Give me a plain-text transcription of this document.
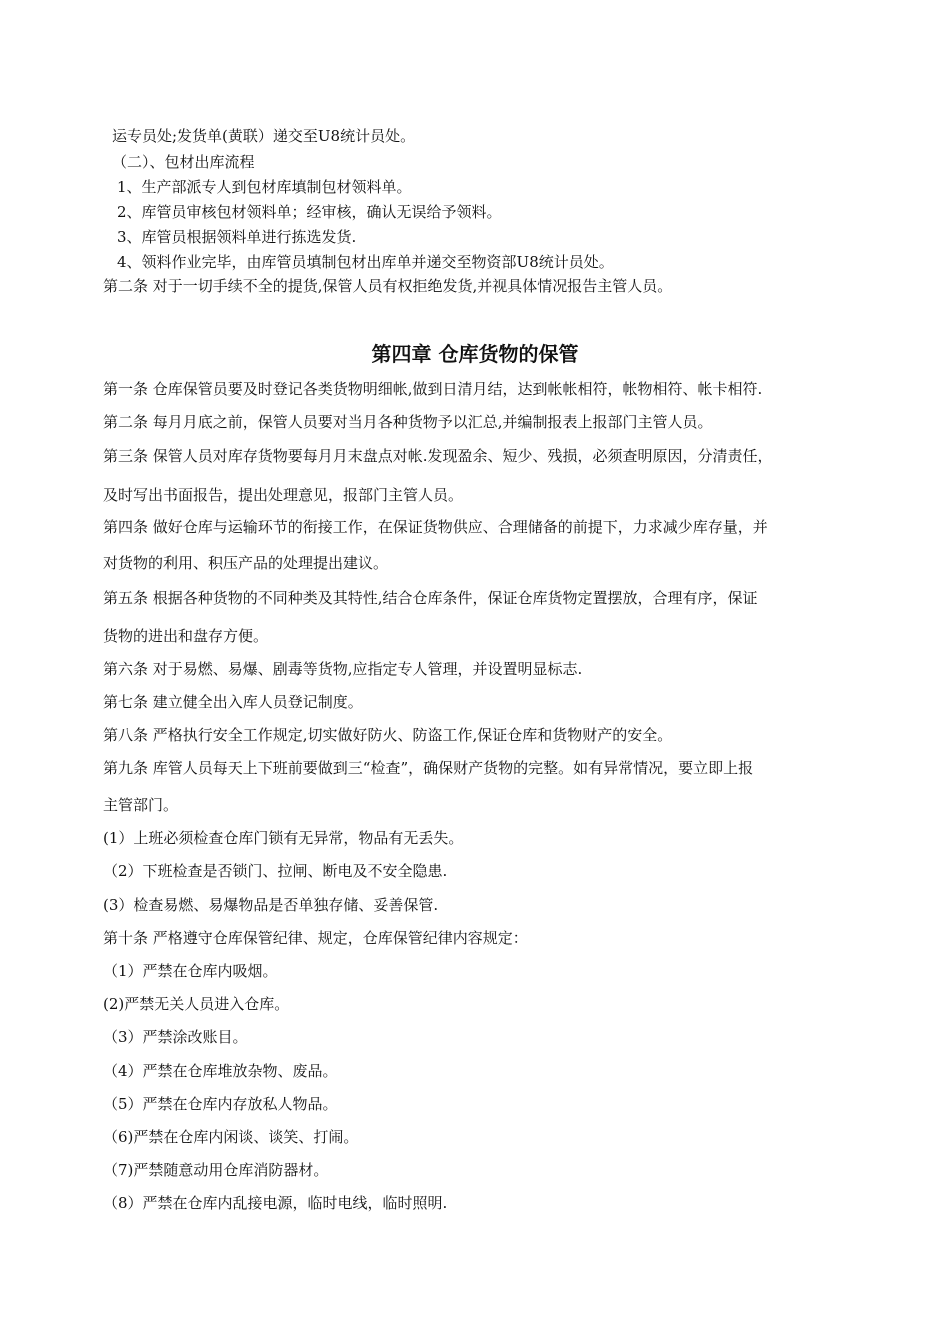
运专员处;发货单(黄联）递交至U8统计员处。
（二）、包材出库流程
1、生产部派专人到包材库填制包材领料单。
2、库管员审核包材领料单；经审核，确认无误给予领料。
3、库管员根据领料单进行拣选发货.
4、领料作业完毕，由库管员填制包材出库单并递交至物资部U8统计员处。
第二条 对于一切手续不全的提货,保管人员有权拒绝发货,并视具体情况报告主管人员。
第四章 仓库货物的保管
第一条 仓库保管员要及时登记各类货物明细帐,做到日清月结，达到帐帐相符，帐物相符、帐卡相符.
第二条 每月月底之前，保管人员要对当月各种货物予以汇总,并编制报表上报部门主管人员。
第三条 保管人员对库存货物要每月月末盘点对帐.发现盈余、短少、残损，必须查明原因，分清责任，
及时写出书面报告，提出处理意见，报部门主管人员。
第四条 做好仓库与运输环节的衔接工作，在保证货物供应、合理储备的前提下，力求减少库存量，并
对货物的利用、积压产品的处理提出建议。
第五条 根据各种货物的不同种类及其特性,结合仓库条件，保证仓库货物定置摆放，合理有序，保证
货物的进出和盘存方便。
第六条 对于易燃、易爆、剧毒等货物,应指定专人管理，并设置明显标志.
第七条 建立健全出入库人员登记制度。
第八条 严格执行安全工作规定,切实做好防火、防盗工作,保证仓库和货物财产的安全。
第九条 库管人员每天上下班前要做到三“检查”，确保财产货物的完整。如有异常情况，要立即上报
主管部门。
(1）上班必须检查仓库门锁有无异常，物品有无丢失。
（2）下班检查是否锁门、拉闸、断电及不安全隐患.
(3）检查易燃、易爆物品是否单独存储、妥善保管.
第十条 严格遵守仓库保管纪律、规定，仓库保管纪律内容规定：
（1）严禁在仓库内吸烟。
(2)严禁无关人员进入仓库。
（3）严禁涂改账目。
（4）严禁在仓库堆放杂物、废品。
（5）严禁在仓库内存放私人物品。
（6)严禁在仓库内闲谈、谈笑、打闹。
（7)严禁随意动用仓库消防器材。
（8）严禁在仓库内乱接电源，临时电线，临时照明.
